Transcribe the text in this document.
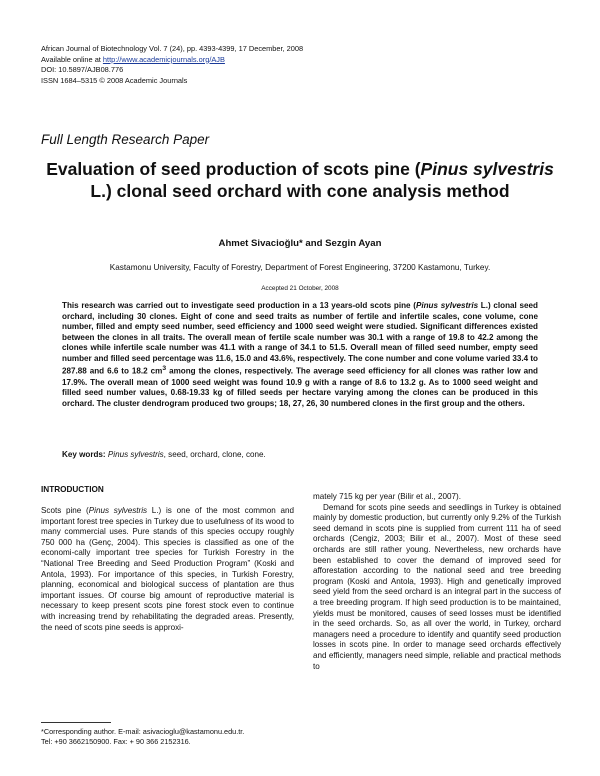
African Journal of Biotechnology Vol. 7 (24), pp. 4393-4399, 17 December, 2008
Available online at http://www.academicjournals.org/AJB
DOI: 10.5897/AJB08.776
ISSN 1684–5315 © 2008 Academic Journals
Full Length Research Paper
Evaluation of seed production of scots pine (Pinus sylvestris L.) clonal seed orchard with cone analysis method
Ahmet Sivacioğlu* and Sezgin Ayan
Kastamonu University, Faculty of Forestry, Department of Forest Engineering, 37200 Kastamonu, Turkey.
Accepted 21 October, 2008
This research was carried out to investigate seed production in a 13 years-old scots pine (Pinus sylvestris L.) clonal seed orchard, including 30 clones. Eight of cone and seed traits as number of fertile and infertile scales, cone volume, cone number, filled and empty seed number, seed efficiency and 1000 seed weight were studied. Significant differences existed between the clones in all traits. The overall mean of fertile scale number was 30.1 with a range of 19.8 to 42.2 among the clones while infertile scale number was 41.1 with a range of 34.1 to 51.5. Overall mean of filled seed number, empty seed number and filled seed percentage was 11.6, 15.0 and 43.6%, respectively. The cone number and cone volume varied 33.4 to 287.88 and 6.6 to 18.2 $cm^3$ among the clones, respectively. The average seed efficiency for all clones was rather low and 17.9%. The overall mean of 1000 seed weight was found 10.9 g with a range of 8.6 to 13.2 g. As to 1000 seed weight and filled seed number values, 0.68-19.33 kg of filled seeds per hectare varying among the clones can be produced in this orchard. The cluster dendrogram produced two groups; 18, 27, 26, 30 numbered clones in the first group and the others.
Key words: Pinus sylvestris, seed, orchard, clone, cone.
INTRODUCTION

Scots pine (Pinus sylvestris L.) is one of the most common and important forest tree species in Turkey due to usefulness of its wood to many commercial uses. Pure stands of this species occupy roughly 750 000 ha (Genç, 2004). This species is classified as one of the economi-cally important tree species for Turkish Forestry in the “National Tree Breeding and Seed Production Program” (Koski and Antola, 1993). For importance of this species, in Turkish Forestry, planning, economical and biological success of plantation are thus important issues. Of course big amount of reproductive material is necessary to keep present scots pine forest stock even to continue with increasing trend by rehabilitating the degraded areas. Presently, the need of scots pine seeds is approxi-

mately 715 kg per year (Bilir et al., 2007).

Demand for scots pine seeds and seedlings in Turkey is obtained mainly by domestic production, but currently only 9.2% of the Turkish seed demand in scots pine is supplied from current 111 ha of seed orchards (Cengiz, 2003; Bilir et al., 2007). Most of these seed orchards are still rather young. Nevertheless, new orchards have been established to cover the demand of improved seed for afforestation according to the national seed and tree breeding program (Koski and Antola, 1993). High and genetically improved seed yield from the seed orchard is an integral part in the success of a tree breeding program. If high seed production is to be maintained, yields must be monitored, causes of seed losses must be identified in the seed orchards. So, as all over the world, in Turkey, orchard managers need a procedure to identify and quantify seed production losses in scots pine. In order to manage seed orchards effectively and efficiently, managers need simple, reliable and practical methods to

*Corresponding author. E-mail: asivacioglu@kastamonu.edu.tr.
Tel: +90 3662150900. Fax: + 90 366 2152316.
